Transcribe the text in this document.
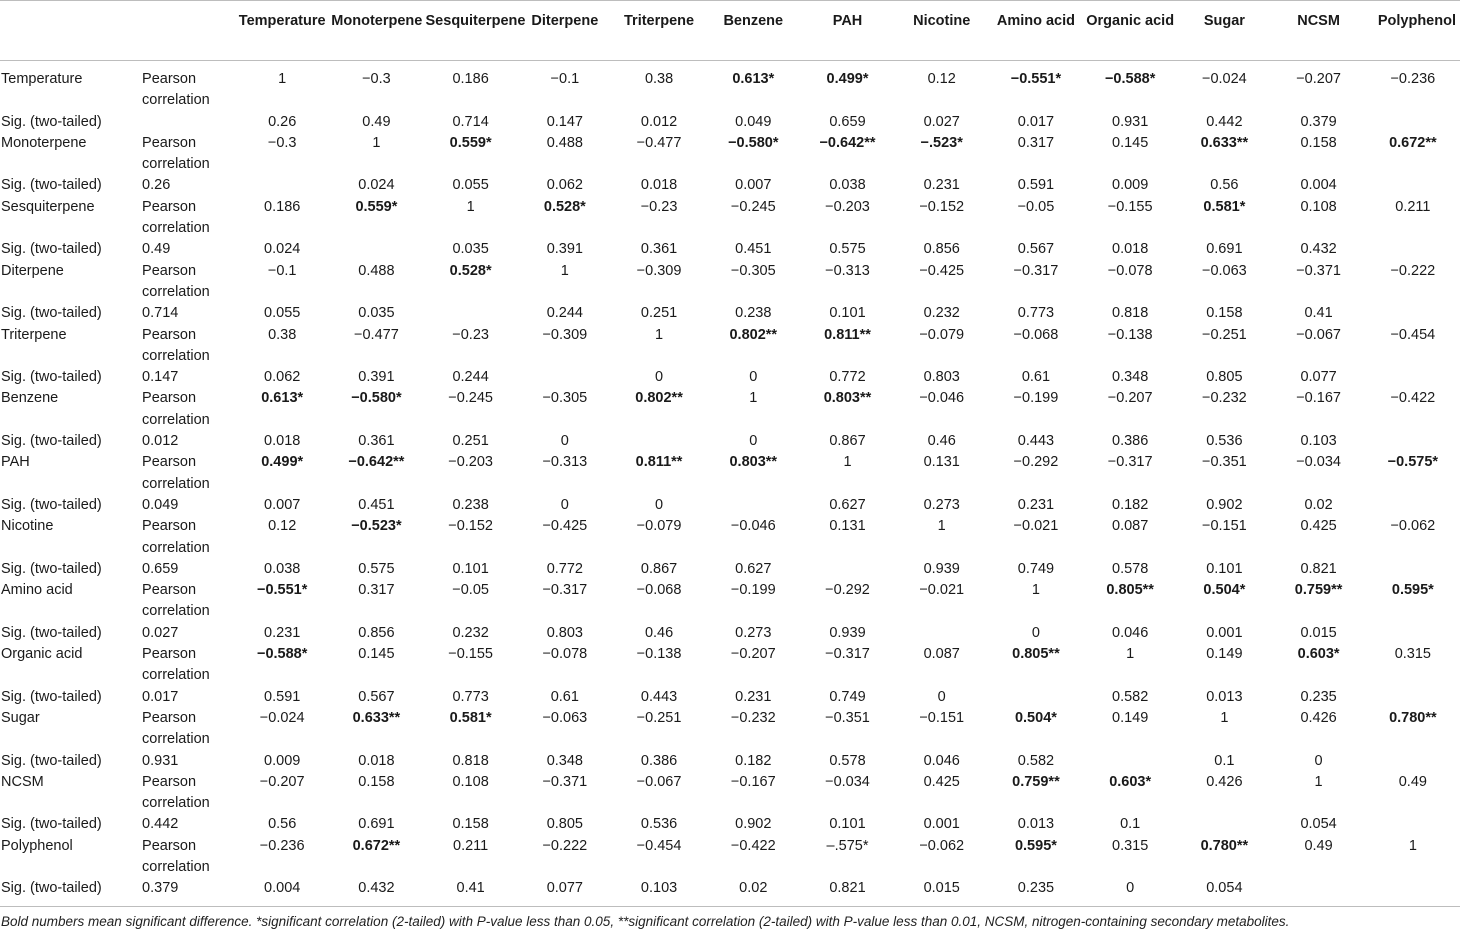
		Temperature	Monoterpene	Sesquiterpene	Diterpene	Triterpene	Benzene	PAH	Nicotine	Amino acid	Organic acid	Sugar	NCSM	Polyphenol
Temperature	Pearson correlation	1	−0.3	0.186	−0.1	0.38	0.613*	0.499*	0.12	−0.551*	−0.588*	−0.024	−0.207	−0.236
Sig. (two-tailed)		0.26	0.49	0.714	0.147	0.012	0.049	0.659	0.027	0.017	0.931	0.442	0.379	
Monoterpene	Pearson correlation	−0.3	1	0.559*	0.488	−0.477	−0.580*	−0.642**	−.523*	0.317	0.145	0.633**	0.158	0.672**
Sig. (two-tailed)	0.26		0.024	0.055	0.062	0.018	0.007	0.038	0.231	0.591	0.009	0.56	0.004	
Sesquiterpene	Pearson correlation	0.186	0.559*	1	0.528*	−0.23	−0.245	−0.203	−0.152	−0.05	−0.155	0.581*	0.108	0.211
Sig. (two-tailed)	0.49	0.024		0.035	0.391	0.361	0.451	0.575	0.856	0.567	0.018	0.691	0.432	
Diterpene	Pearson correlation	−0.1	0.488	0.528*	1	−0.309	−0.305	−0.313	−0.425	−0.317	−0.078	−0.063	−0.371	−0.222
Sig. (two-tailed)	0.714	0.055	0.035		0.244	0.251	0.238	0.101	0.232	0.773	0.818	0.158	0.41	
Triterpene	Pearson correlation	0.38	−0.477	−0.23	−0.309	1	0.802**	0.811**	−0.079	−0.068	−0.138	−0.251	−0.067	−0.454
Sig. (two-tailed)	0.147	0.062	0.391	0.244		0	0	0.772	0.803	0.61	0.348	0.805	0.077	
Benzene	Pearson correlation	0.613*	−0.580*	−0.245	−0.305	0.802**	1	0.803**	−0.046	−0.199	−0.207	−0.232	−0.167	−0.422
Sig. (two-tailed)	0.012	0.018	0.361	0.251	0		0	0.867	0.46	0.443	0.386	0.536	0.103	
PAH	Pearson correlation	0.499*	−0.642**	−0.203	−0.313	0.811**	0.803**	1	0.131	−0.292	−0.317	−0.351	−0.034	−0.575*
Sig. (two-tailed)	0.049	0.007	0.451	0.238	0	0		0.627	0.273	0.231	0.182	0.902	0.02	
Nicotine	Pearson correlation	0.12	−0.523*	−0.152	−0.425	−0.079	−0.046	0.131	1	−0.021	0.087	−0.151	0.425	−0.062
Sig. (two-tailed)	0.659	0.038	0.575	0.101	0.772	0.867	0.627		0.939	0.749	0.578	0.101	0.821	
Amino acid	Pearson correlation	−0.551*	0.317	−0.05	−0.317	−0.068	−0.199	−0.292	−0.021	1	0.805**	0.504*	0.759**	0.595*
Sig. (two-tailed)	0.027	0.231	0.856	0.232	0.803	0.46	0.273	0.939		0	0.046	0.001	0.015	
Organic acid	Pearson correlation	−0.588*	0.145	−0.155	−0.078	−0.138	−0.207	−0.317	0.087	0.805**	1	0.149	0.603*	0.315
Sig. (two-tailed)	0.017	0.591	0.567	0.773	0.61	0.443	0.231	0.749	0		0.582	0.013	0.235	
Sugar	Pearson correlation	−0.024	0.633**	0.581*	−0.063	−0.251	−0.232	−0.351	−0.151	0.504*	0.149	1	0.426	0.780**
Sig. (two-tailed)	0.931	0.009	0.018	0.818	0.348	0.386	0.182	0.578	0.046	0.582		0.1	0	
NCSM	Pearson correlation	−0.207	0.158	0.108	−0.371	−0.067	−0.167	−0.034	0.425	0.759**	0.603*	0.426	1	0.49
Sig. (two-tailed)	0.442	0.56	0.691	0.158	0.805	0.536	0.902	0.101	0.001	0.013	0.1		0.054	
Polyphenol	Pearson correlation	−0.236	0.672**	0.211	−0.222	−0.454	−0.422	–.575*	−0.062	0.595*	0.315	0.780**	0.49	1
Sig. (two-tailed)	0.379	0.004	0.432	0.41	0.077	0.103	0.02	0.821	0.015	0.235	0	0.054		
Bold numbers mean significant difference. *significant correlation (2-tailed) with P-value less than 0.05, **significant correlation (2-tailed) with P-value less than 0.01, NCSM, nitrogen-containing secondary metabolites.
